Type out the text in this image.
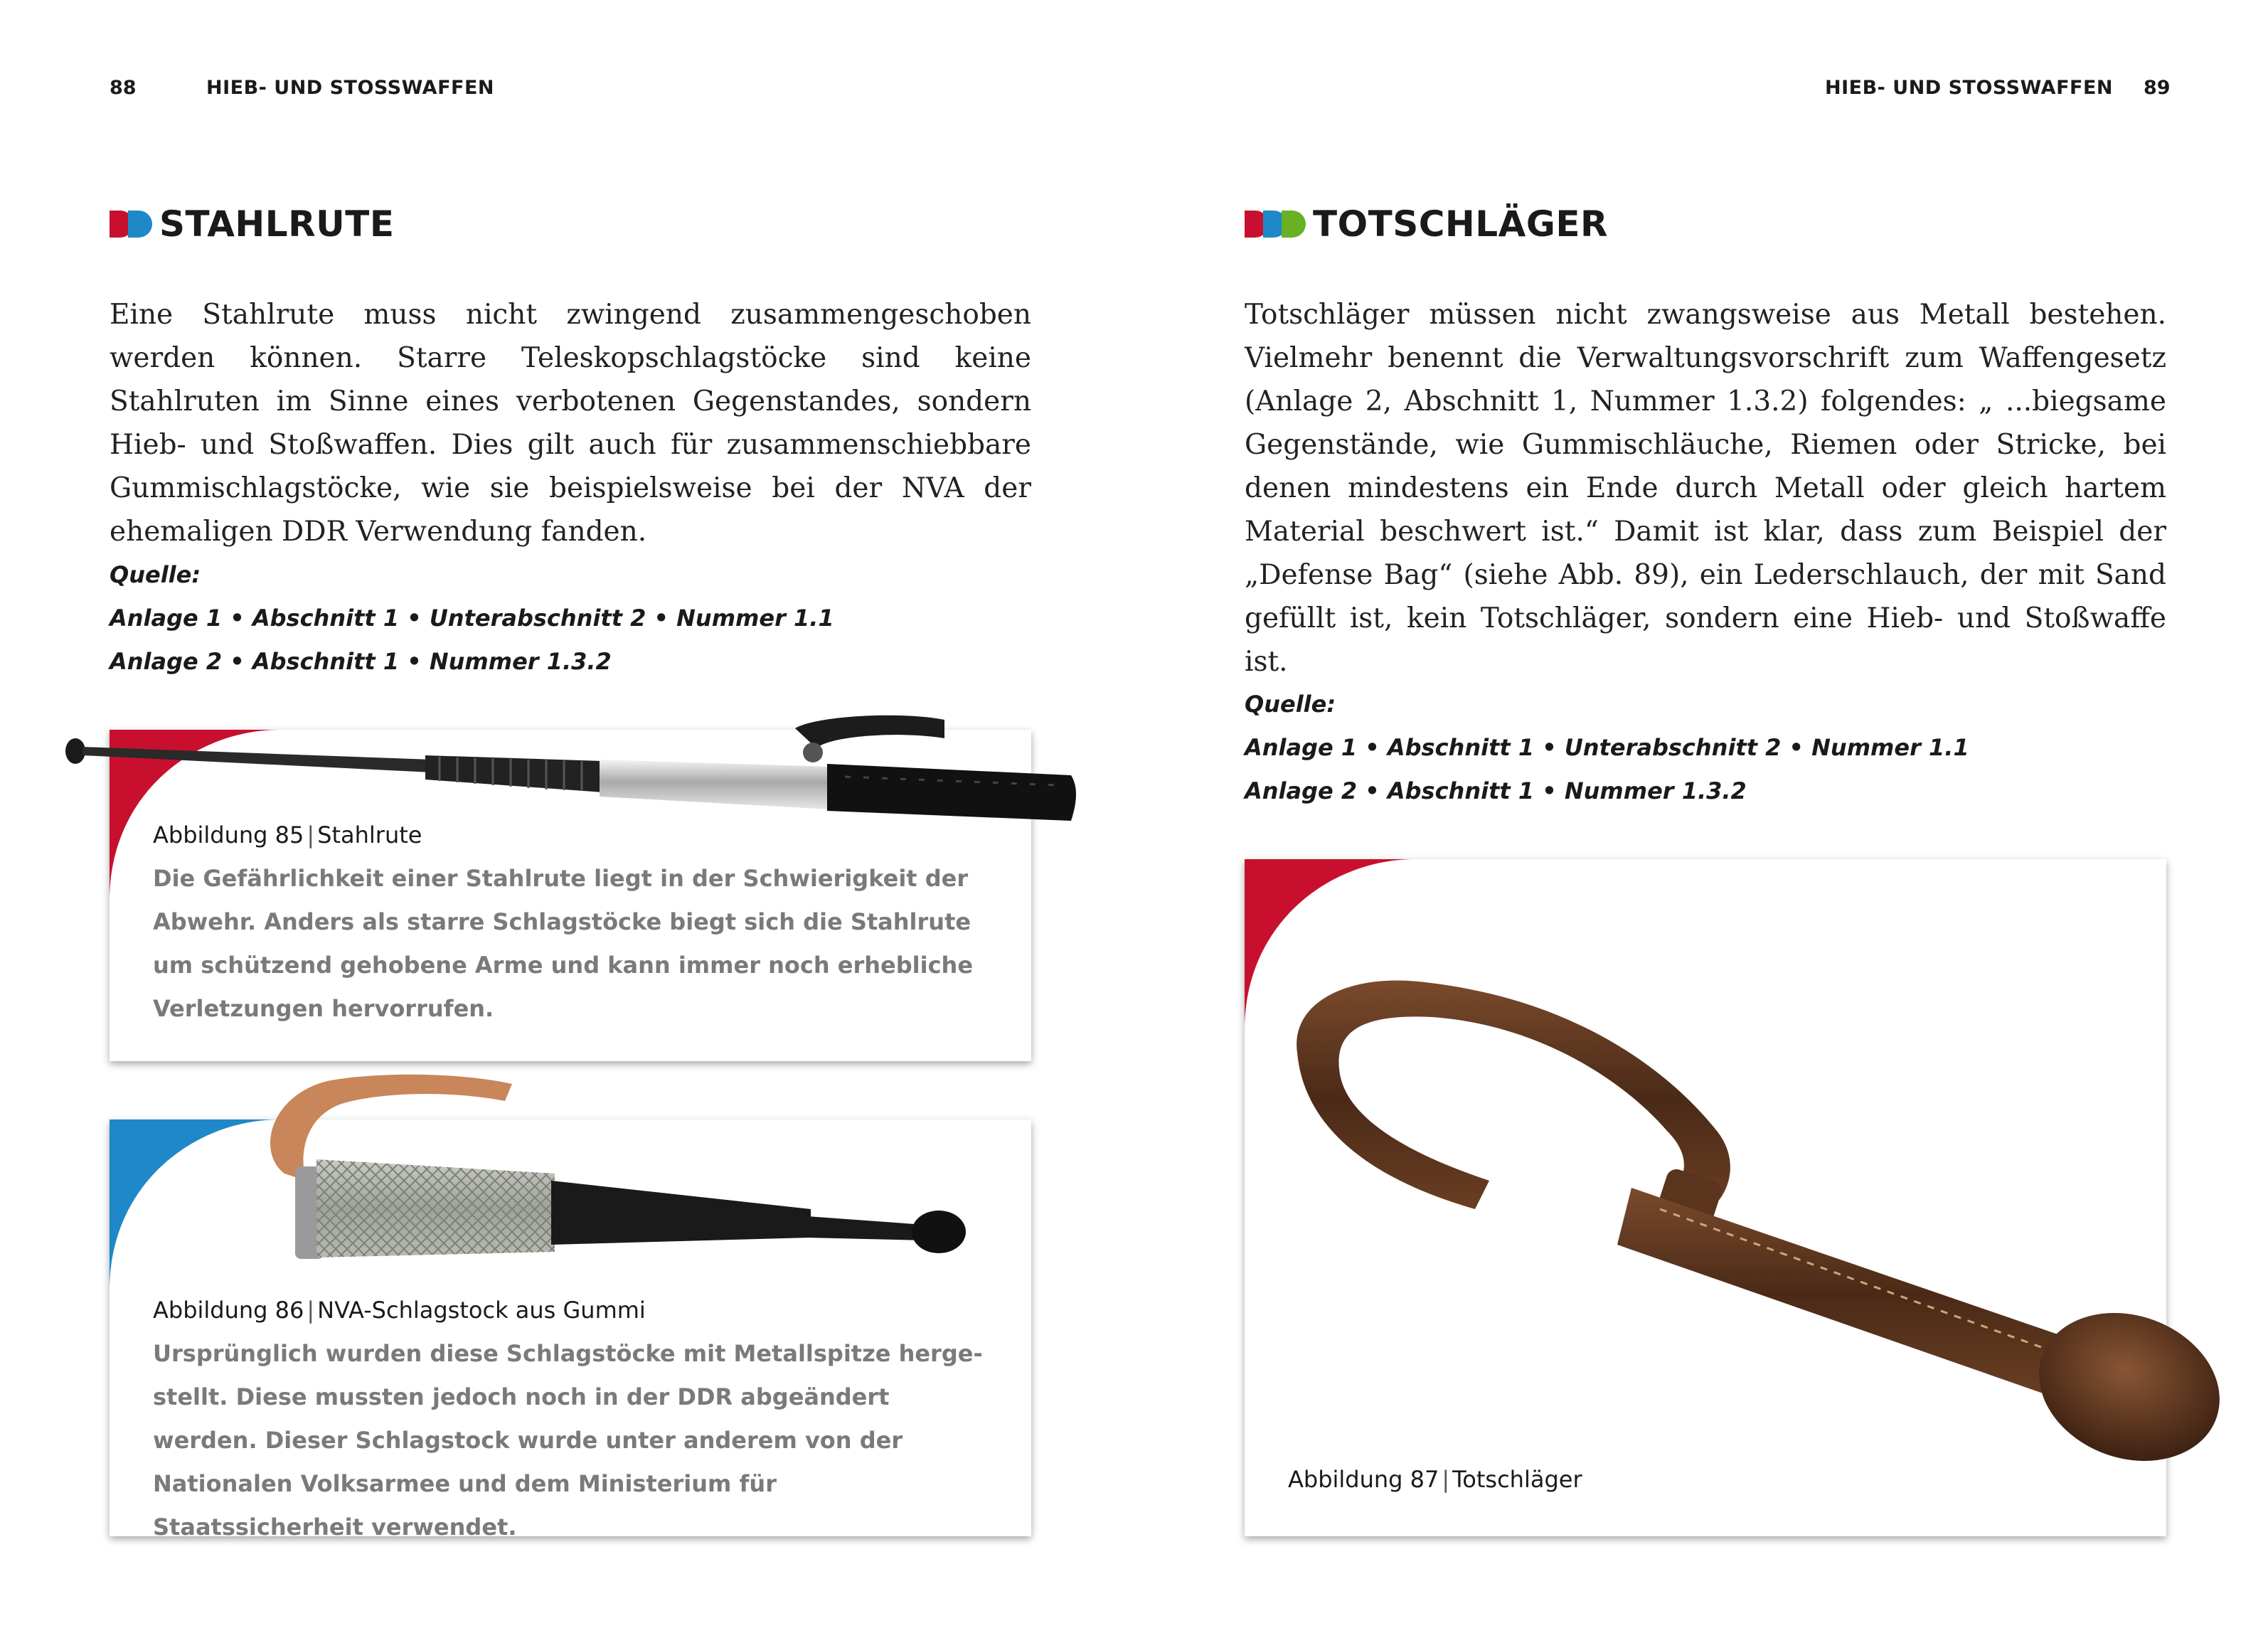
88	HIEB- UND STOSSWAFFEN
STAHLRUTE

Eine Stahlrute muss nicht zwingend zusammengeschoben werden können. Starre Teleskopschlagstöcke sind keine Stahlruten im Sinne eines verbotenen Gegenstandes, sondern Hieb- und Stoßwaffen. Dies gilt auch für zusammenschiebbare Gummischlagstöcke, wie sie beispielsweise bei der NVA der ehemaligen DDR Verwendung fanden.

Quelle:
Anlage 1 • Abschnitt 1 • Unterabschnitt 2 • Nummer 1.1
Anlage 2 • Abschnitt 1 • Nummer 1.3.2
Abbildung 85 | Stahlrute
Die Gefährlichkeit einer Stahlrute liegt in der Schwierigkeit der Abwehr. Anders als starre Schlagstöcke biegt sich die Stahlrute um schützend gehobene Arme und kann immer noch erhebliche Verletzungen hervorrufen.
Abbildung 86 | NVA-Schlagstock aus Gummi
Ursprünglich wurden diese Schlagstöcke mit Metallspitze hergestellt. Diese mussten jedoch noch in der DDR abgeändert werden. Dieser Schlagstock wurde unter anderem von der Nationalen Volksarmee und dem Ministerium für Staatssicherheit verwendet.
HIEB- UND STOSSWAFFEN 89
TOTSCHLÄGER

Totschläger müssen nicht zwangsweise aus Metall bestehen. Vielmehr benennt die Verwaltungsvorschrift zum Waffengesetz (Anlage 2, Abschnitt 1, Nummer 1.3.2) folgendes: „ ...biegsame Gegenstände, wie Gummischläuche, Riemen oder Stricke, bei denen mindestens ein Ende durch Metall oder gleich hartem Material beschwert ist.“ Damit ist klar, dass zum Beispiel der „Defense Bag“ (siehe Abb. 89), ein Lederschlauch, der mit Sand gefüllt ist, kein Totschläger, sondern eine Hieb- und Stoßwaffe ist.

Quelle:
Anlage 1 • Abschnitt 1 • Unterabschnitt 2 • Nummer 1.1
Anlage 2 • Abschnitt 1 • Nummer 1.3.2
Abbildung 87 | Totschläger
